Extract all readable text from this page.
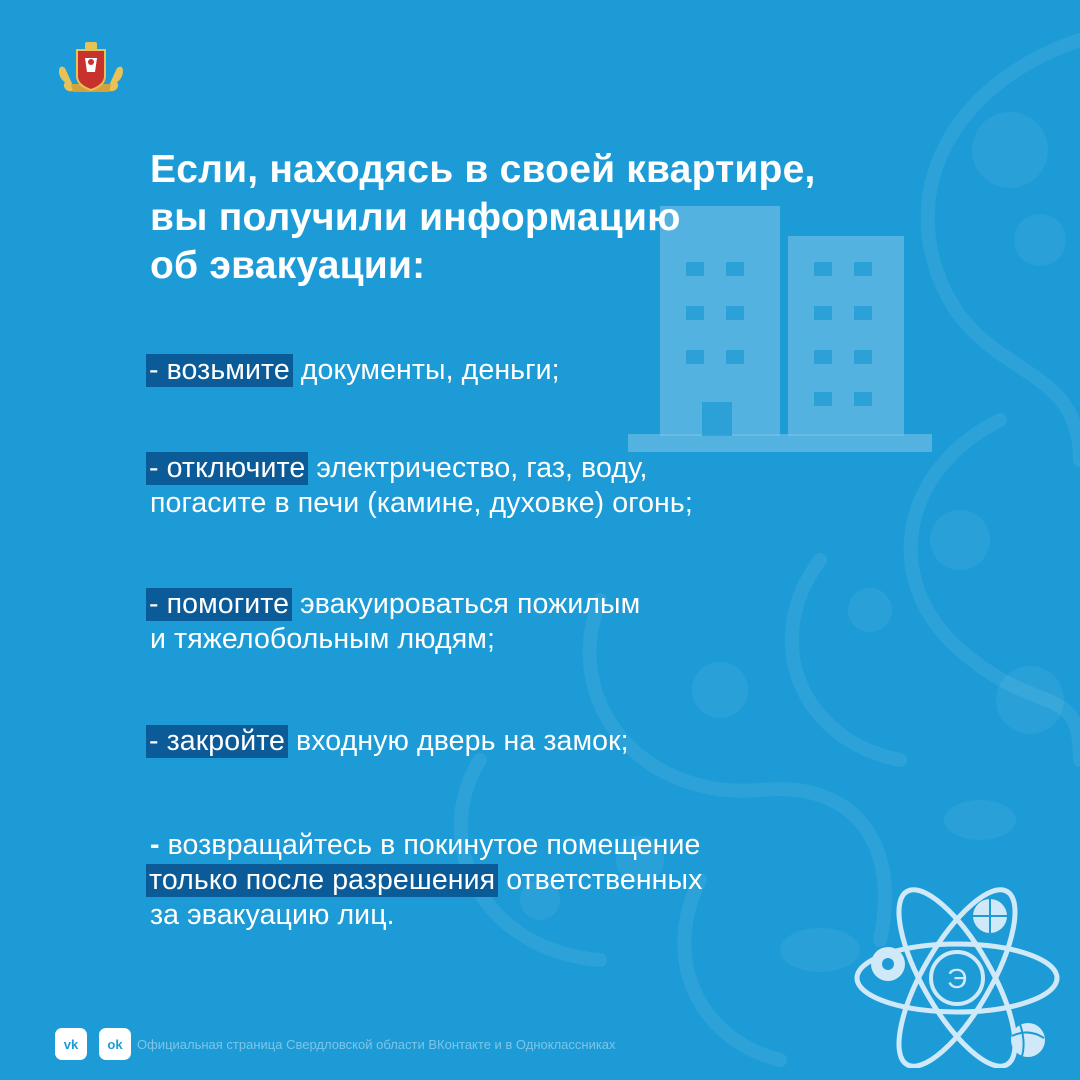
Если, находясь в своей квартире,
вы получили информацию
об эвакуации:
- возьмите документы, деньги;
- отключите электричество, газ, воду,
погасите в печи (камине, духовке) огонь;
- помогите эвакуироваться пожилым
и тяжелобольным людям;
- закройте входную дверь на замок;
- возвращайтесь в покинутое помещение
только после разрешения ответственных
за эвакуацию лиц.
Э
vk ok Официальная страница Свердловской области ВКонтакте и в Одноклассниках
